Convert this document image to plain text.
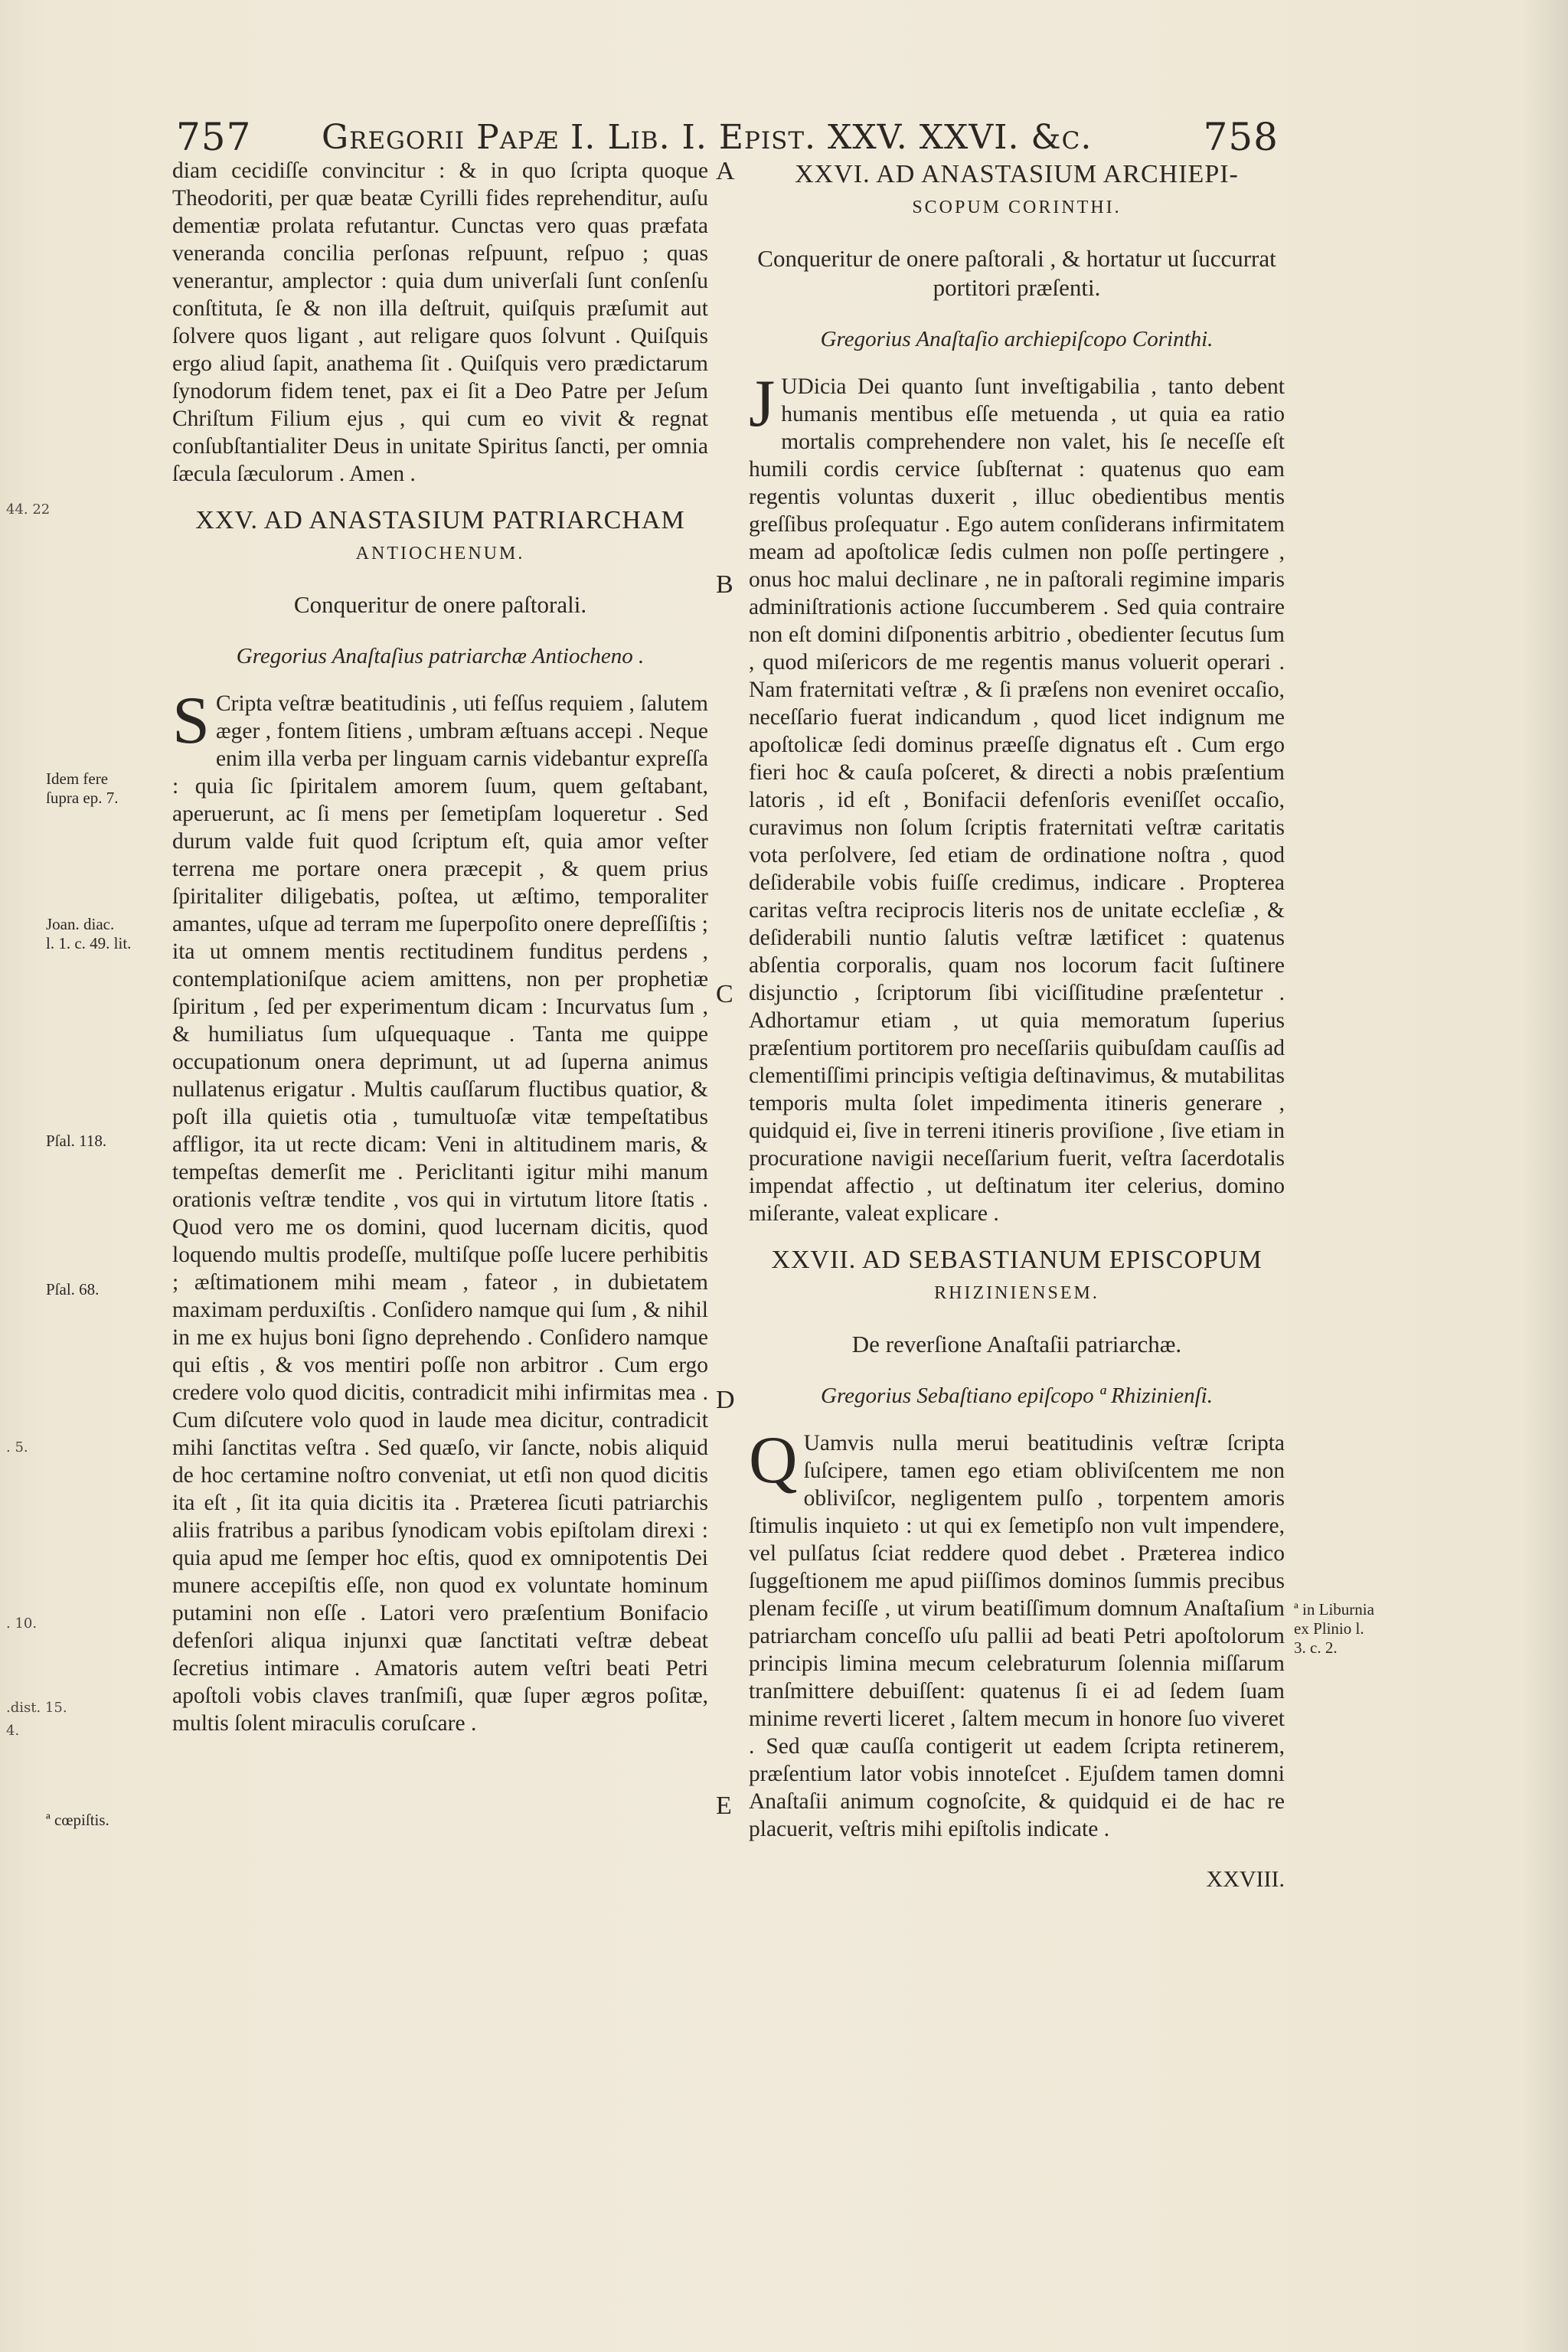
757 Gregorii Papæ I. Lib. I. Epist. XXV. XXVI. &c.	758
44. 22
. 5.
. 10.
.dist. 15.
4.
Idem fere
ſupra ep. 7.
Joan. diac.
l. 1. c. 49. lit.
Pſal. 118.
Pſal. 68.
ª cœpiſtis.
A
B
C
D
E

diam cecidiſſe convincitur : & in quo ſcripta quoque Theodoriti, per quæ beatæ Cyrilli fides reprehenditur, auſu dementiæ prolata refutantur. Cunctas vero quas præfata veneranda concilia perſonas reſpuunt, reſpuo ; quas venerantur, amplector : quia dum univerſali ſunt conſenſu conſtituta, ſe & non illa deſtruit, quiſquis præſumit aut ſolvere quos ligant , aut religare quos ſolvunt . Quiſquis ergo aliud ſapit, anathema ſit . Quiſquis vero prædictarum ſynodorum fidem tenet, pax ei ſit a Deo Patre per Jeſum Chriſtum Filium ejus , qui cum eo vivit & regnat conſubſtantialiter Deus in unitate Spiritus ſancti, per omnia ſæcula ſæculorum . Amen .

XXV. AD ANASTASIUM PATRIARCHAM
ANTIOCHENUM.
Conqueritur de onere paſtorali.
Gregorius Anaſtaſius patriarchæ Antiocheno .

S Cripta veſtræ beatitudinis , uti feſſus requiem , ſalutem æger , fontem ſitiens , umbram æſtuans accepi . Neque enim illa verba per linguam carnis videbantur expreſſa : quia ſic ſpiritalem amorem ſuum, quem geſtabant, aperuerunt, ac ſi mens per ſemetipſam loqueretur . Sed durum valde fuit quod ſcriptum eſt, quia amor veſter terrena me portare onera præcepit , & quem prius ſpiritaliter diligebatis, poſtea, ut æſtimo, temporaliter amantes, uſque ad terram me ſuperpoſito onere depreſſiſtis ; ita ut omnem mentis rectitudinem funditus perdens , contemplationiſque aciem amittens, non per prophetiæ ſpiritum , ſed per experimentum dicam : Incurvatus ſum , & humiliatus ſum uſquequaque . Tanta me quippe occupationum onera deprimunt, ut ad ſuperna animus nullatenus erigatur . Multis cauſſarum fluctibus quatior, & poſt illa quietis otia , tumultuoſæ vitæ tempeſtatibus affligor, ita ut recte dicam: Veni in altitudinem maris, & tempeſtas demerſit me . Periclitanti igitur mihi manum orationis veſtræ tendite , vos qui in virtutum litore ſtatis . Quod vero me os domini, quod lucernam dicitis, quod loquendo multis prodeſſe, multiſque poſſe lucere perhibitis ; æſtimationem mihi meam , fateor , in dubietatem maximam perduxiſtis . Conſidero namque qui ſum , & nihil in me ex hujus boni ſigno deprehendo . Conſidero namque qui eſtis , & vos mentiri poſſe non arbitror . Cum ergo credere volo quod dicitis, contradicit mihi infirmitas mea . Cum diſcutere volo quod in laude mea dicitur, contradicit mihi ſanctitas veſtra . Sed quæſo, vir ſancte, nobis aliquid de hoc certamine noſtro conveniat, ut etſi non quod dicitis ita eſt , ſit ita quia dicitis ita . Præterea ſicuti patriarchis aliis fratribus a paribus ſynodicam vobis epiſtolam direxi : quia apud me ſemper hoc eſtis, quod ex omnipotentis Dei munere accepiſtis eſſe, non quod ex voluntate hominum putamini non eſſe . Latori vero præſentium Bonifacio defenſori aliqua injunxi quæ ſanctitati veſtræ debeat ſecretius intimare . Amatoris autem veſtri beati Petri apoſtoli vobis claves tranſmiſi, quæ ſuper ægros poſitæ, multis ſolent miraculis coruſcare .

XXVI. AD ANASTASIUM ARCHIEPI-
SCOPUM CORINTHI.
Conqueritur de onere paſtorali , & hortatur ut ſuccurrat portitori præſenti.
Gregorius Anaſtaſio archiepiſcopo Corinthi.

J UDicia Dei quanto ſunt inveſtigabilia , tanto debent humanis mentibus eſſe metuenda , ut quia ea ratio mortalis comprehendere non valet, his ſe neceſſe eſt humili cordis cervice ſubſternat : quatenus quo eam regentis voluntas duxerit , illuc obedientibus mentis greſſibus proſequatur . Ego autem conſiderans infirmitatem meam ad apoſtolicæ ſedis culmen non poſſe pertingere , onus hoc malui declinare , ne in paſtorali regimine imparis adminiſtrationis actione ſuccumberem . Sed quia contraire non eſt domini diſponentis arbitrio , obedienter ſecutus ſum , quod miſericors de me regentis manus voluerit operari . Nam fraternitati veſtræ , & ſi præſens non eveniret occaſio, neceſſario fuerat indicandum , quod licet indignum me apoſtolicæ ſedi dominus præeſſe dignatus eſt . Cum ergo fieri hoc & cauſa poſceret, & directi a nobis præſentium latoris , id eſt , Bonifacii defenſoris eveniſſet occaſio, curavimus non ſolum ſcriptis fraternitati veſtræ caritatis vota perſolvere, ſed etiam de ordinatione noſtra , quod deſiderabile vobis fuiſſe credimus, indicare . Propterea caritas veſtra reciprocis literis nos de unitate eccleſiæ , & deſiderabili nuntio ſalutis veſtræ lætificet : quatenus abſentia corporalis, quam nos locorum facit ſuſtinere disjunctio , ſcriptorum ſibi viciſſitudine præſentetur . Adhortamur etiam , ut quia memoratum ſuperius præſentium portitorem pro neceſſariis quibuſdam cauſſis ad clementiſſimi principis veſtigia deſtinavimus, & mutabilitas temporis multa ſolet impedimenta itineris generare , quidquid ei, ſive in terreni itineris proviſione , ſive etiam in procuratione navigii neceſſarium fuerit, veſtra ſacerdotalis impendat affectio , ut deſtinatum iter celerius, domino miſerante, valeat explicare .

XXVII. AD SEBASTIANUM EPISCOPUM
RHIZINIENSEM.
De reverſione Anaſtaſii patriarchæ.
Gregorius Sebaſtiano epiſcopo ª Rhizinienſi.

Q Uamvis nulla merui beatitudinis veſtræ ſcripta ſuſcipere, tamen ego etiam obliviſcentem me non obliviſcor, negligentem pulſo , torpentem amoris ſtimulis inquieto : ut qui ex ſemetipſo non vult impendere, vel pulſatus ſciat reddere quod debet . Præterea indico ſuggeſtionem me apud piiſſimos dominos ſummis precibus plenam feciſſe , ut virum beatiſſimum domnum Anaſtaſium patriarcham conceſſo uſu pallii ad beati Petri apoſtolorum principis limina mecum celebraturum ſolennia miſſarum tranſmittere debuiſſent: quatenus ſi ei ad ſedem ſuam minime reverti liceret , ſaltem mecum in honore ſuo viveret . Sed quæ cauſſa contigerit ut eadem ſcripta retinerem, præſentium lator vobis innoteſcet . Ejuſdem tamen domni Anaſtaſii animum cognoſcite, & quidquid ei de hac re placuerit, veſtris mihi epiſtolis indicate .

XXVIII.
ª in Liburnia
ex Plinio l.
3. c. 2.
